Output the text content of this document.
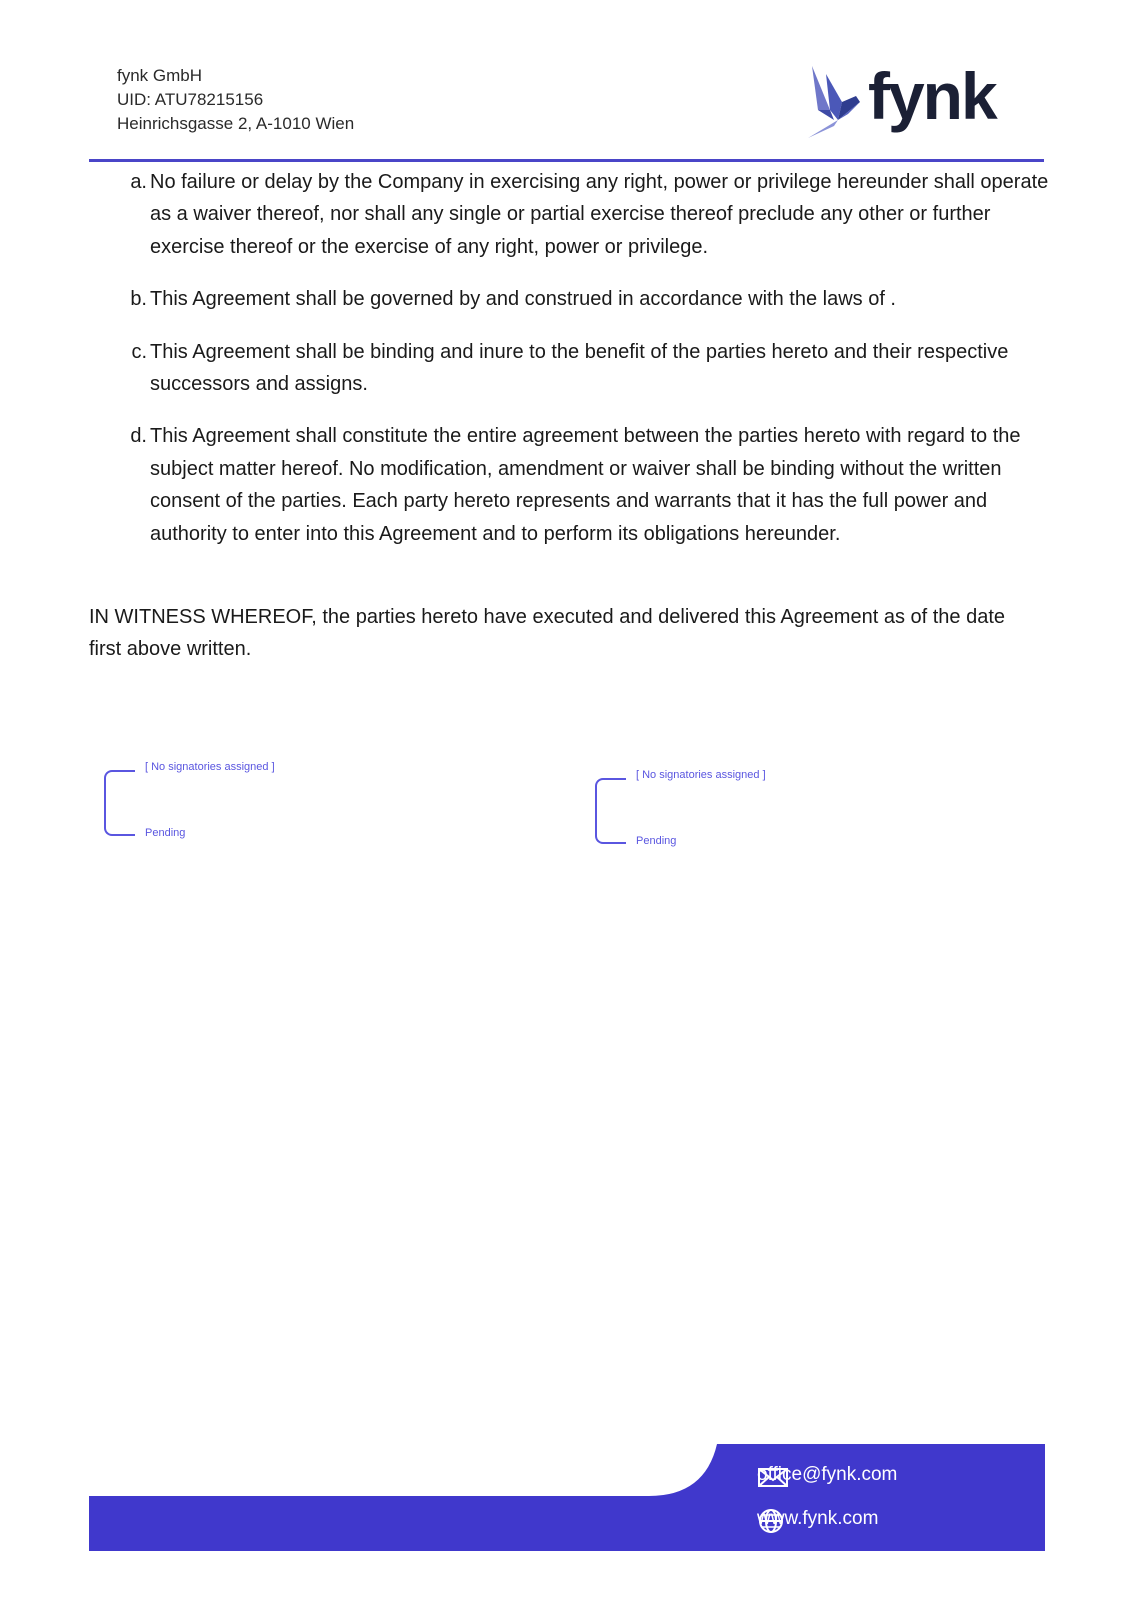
fynk GmbH
UID: ATU78215156
Heinrichsgasse 2, A-1010 Wien	fynk
a. No failure or delay by the Company in exercising any right, power or privilege hereunder shall operate as a waiver thereof, nor shall any single or partial exercise thereof preclude any other or further exercise thereof or the exercise of any right, power or privilege.
b. This Agreement shall be governed by and construed in accordance with the laws of .
c. This Agreement shall be binding and inure to the benefit of the parties hereto and their respective successors and assigns.
d. This Agreement shall constitute the entire agreement between the parties hereto with regard to the subject matter hereof. No modification, amendment or waiver shall be binding without the written consent of the parties. Each party hereto represents and warrants that it has the full power and authority to enter into this Agreement and to perform its obligations hereunder.
IN WITNESS WHEREOF, the parties hereto have executed and delivered this Agreement as of the date first above written.
[ No signatories assigned ]
Pending
[ No signatories assigned ]
Pending
office@fynk.com
www.fynk.com
